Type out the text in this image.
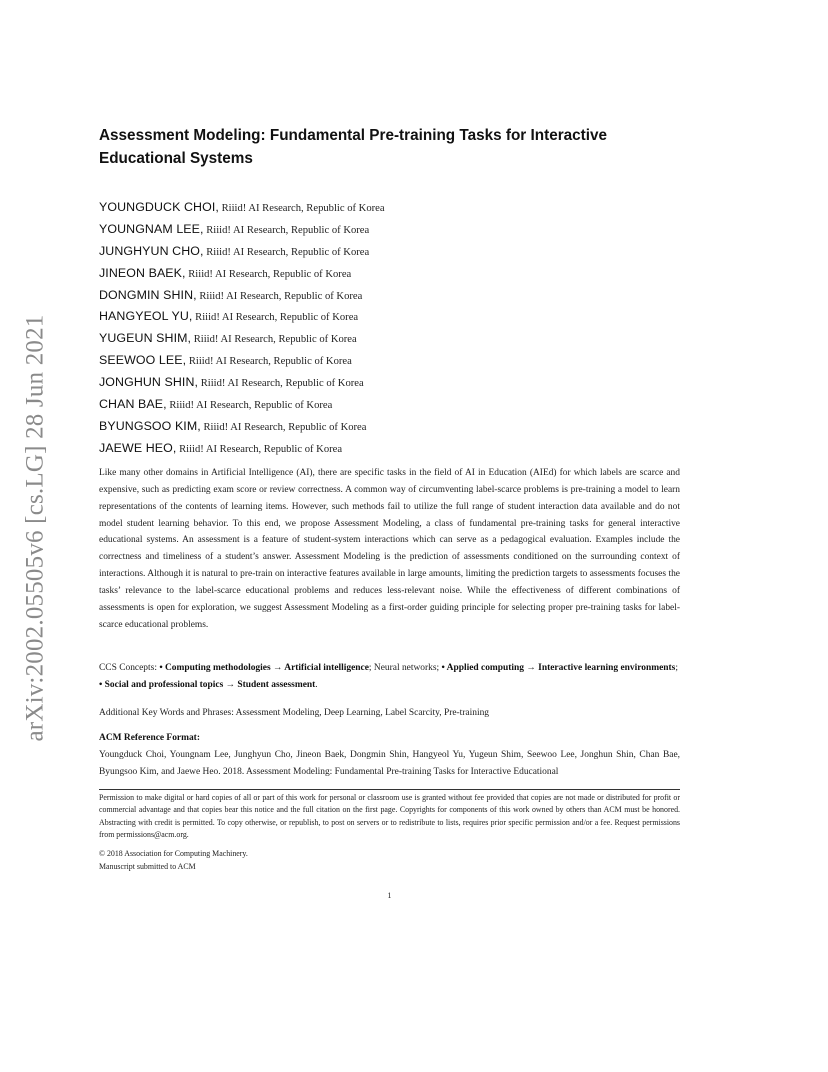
arXiv:2002.05505v6 [cs.LG] 28 Jun 2021
Assessment Modeling: Fundamental Pre-training Tasks for Interactive Educational Systems
YOUNGDUCK CHOI, Riiid! AI Research, Republic of Korea
YOUNGNAM LEE, Riiid! AI Research, Republic of Korea
JUNGHYUN CHO, Riiid! AI Research, Republic of Korea
JINEON BAEK, Riiid! AI Research, Republic of Korea
DONGMIN SHIN, Riiid! AI Research, Republic of Korea
HANGYEOL YU, Riiid! AI Research, Republic of Korea
YUGEUN SHIM, Riiid! AI Research, Republic of Korea
SEEWOO LEE, Riiid! AI Research, Republic of Korea
JONGHUN SHIN, Riiid! AI Research, Republic of Korea
CHAN BAE, Riiid! AI Research, Republic of Korea
BYUNGSOO KIM, Riiid! AI Research, Republic of Korea
JAEWE HEO, Riiid! AI Research, Republic of Korea
Like many other domains in Artificial Intelligence (AI), there are specific tasks in the field of AI in Education (AIEd) for which labels are scarce and expensive, such as predicting exam score or review correctness. A common way of circumventing label-scarce problems is pre-training a model to learn representations of the contents of learning items. However, such methods fail to utilize the full range of student interaction data available and do not model student learning behavior. To this end, we propose Assessment Modeling, a class of fundamental pre-training tasks for general interactive educational systems. An assessment is a feature of student-system interactions which can serve as a pedagogical evaluation. Examples include the correctness and timeliness of a student’s answer. Assessment Modeling is the prediction of assessments conditioned on the surrounding context of interactions. Although it is natural to pre-train on interactive features available in large amounts, limiting the prediction targets to assessments focuses the tasks’ relevance to the label-scarce educational problems and reduces less-relevant noise. While the effectiveness of different combinations of assessments is open for exploration, we suggest Assessment Modeling as a first-order guiding principle for selecting proper pre-training tasks for label-scarce educational problems.
CCS Concepts: • Computing methodologies → Artificial intelligence; Neural networks; • Applied computing → Interactive learning environments; • Social and professional topics → Student assessment.
Additional Key Words and Phrases: Assessment Modeling, Deep Learning, Label Scarcity, Pre-training
ACM Reference Format:
Youngduck Choi, Youngnam Lee, Junghyun Cho, Jineon Baek, Dongmin Shin, Hangyeol Yu, Yugeun Shim, Seewoo Lee, Jonghun Shin, Chan Bae, Byungsoo Kim, and Jaewe Heo. 2018. Assessment Modeling: Fundamental Pre-training Tasks for Interactive Educational
Permission to make digital or hard copies of all or part of this work for personal or classroom use is granted without fee provided that copies are not made or distributed for profit or commercial advantage and that copies bear this notice and the full citation on the first page. Copyrights for components of this work owned by others than ACM must be honored. Abstracting with credit is permitted. To copy otherwise, or republish, to post on servers or to redistribute to lists, requires prior specific permission and/or a fee. Request permissions from permissions@acm.org.
© 2018 Association for Computing Machinery.
Manuscript submitted to ACM
1
